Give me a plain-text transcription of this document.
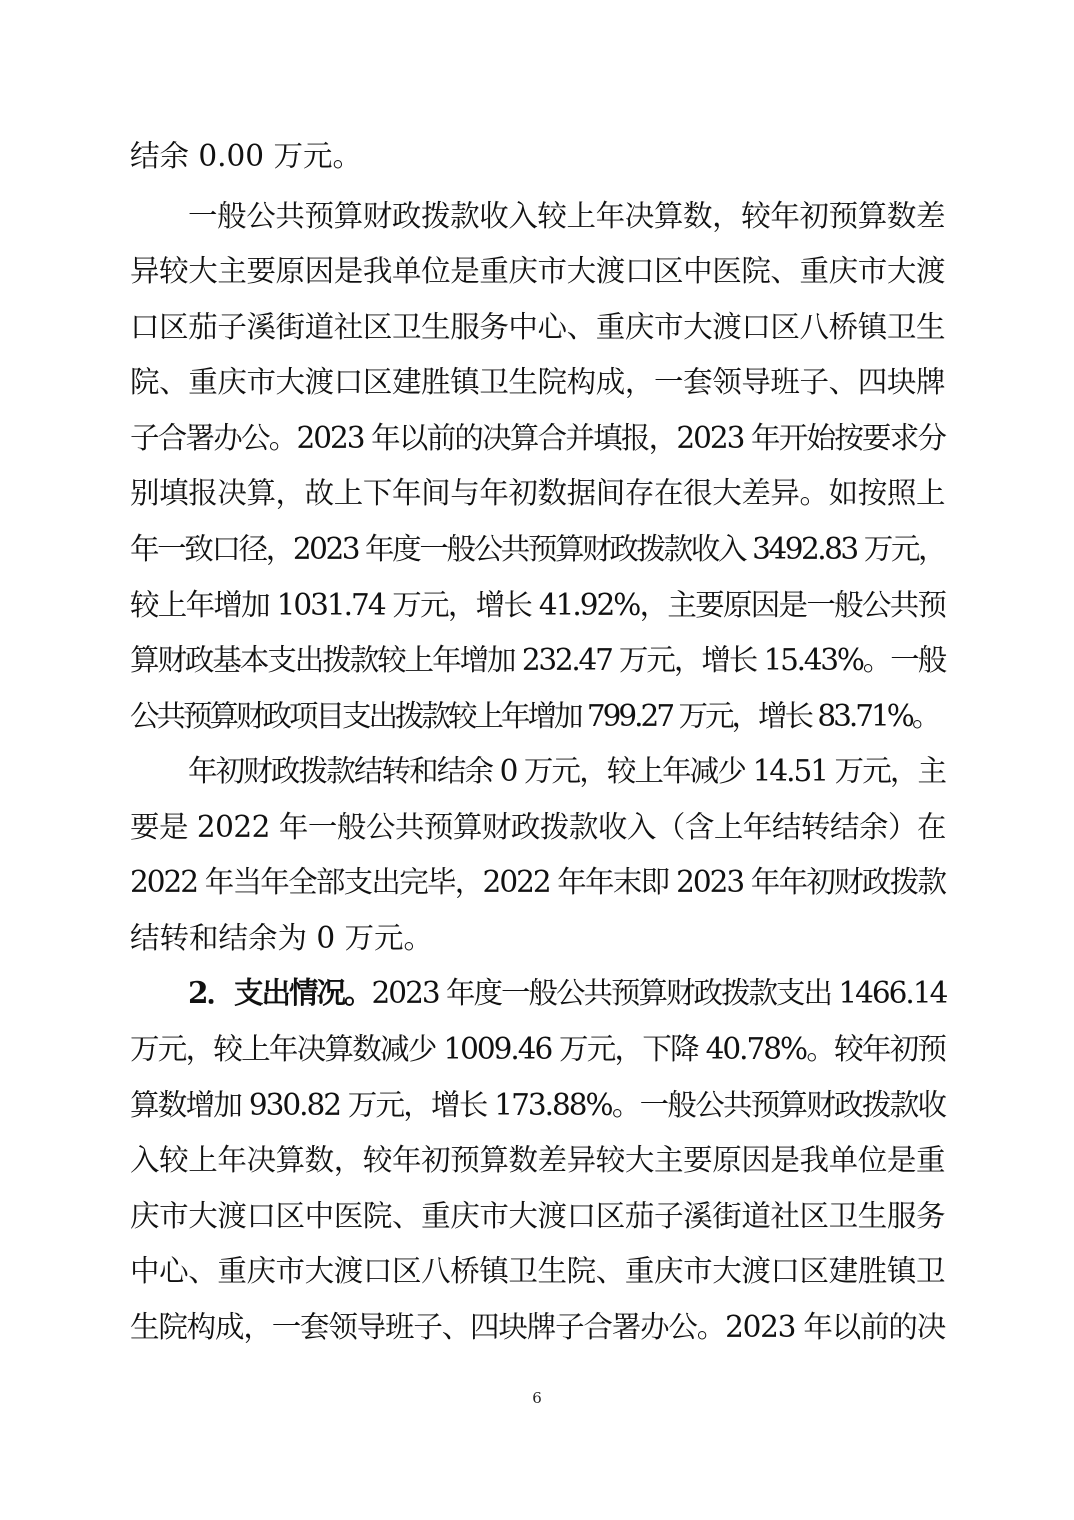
结余 0.00 万元。
一般公共预算财政拨款收入较上年决算数，较年初预算数差
异较大主要原因是我单位是重庆市大渡口区中医院、重庆市大渡
口区茄子溪街道社区卫生服务中心、重庆市大渡口区八桥镇卫生
院、重庆市大渡口区建胜镇卫生院构成，一套领导班子、四块牌
子合署办公。2023 年以前的决算合并填报，2023 年开始按要求分
别填报决算，故上下年间与年初数据间存在很大差异。如按照上
年一致口径，2023 年度一般公共预算财政拨款收入 3492.83 万元，
较上年增加 1031.74 万元，增长 41.92%，主要原因是一般公共预
算财政基本支出拨款较上年增加 232.47 万元，增长 15.43%。一般
公共预算财政项目支出拨款较上年增加 799.27 万元，增长 83.71%。
年初财政拨款结转和结余 0 万元，较上年减少 14.51 万元，主
要是 2022 年一般公共预算财政拨款收入（含上年结转结余）在
2022 年当年全部支出完毕，2022 年年末即 2023 年年初财政拨款
结转和结余为 0 万元。
2．支出情况。2023 年度一般公共预算财政拨款支出 1466.14
万元，较上年决算数减少 1009.46 万元，下降 40.78%。较年初预
算数增加 930.82 万元，增长 173.88%。一般公共预算财政拨款收
入较上年决算数，较年初预算数差异较大主要原因是我单位是重
庆市大渡口区中医院、重庆市大渡口区茄子溪街道社区卫生服务
中心、重庆市大渡口区八桥镇卫生院、重庆市大渡口区建胜镇卫
生院构成，一套领导班子、四块牌子合署办公。2023 年以前的决
6
